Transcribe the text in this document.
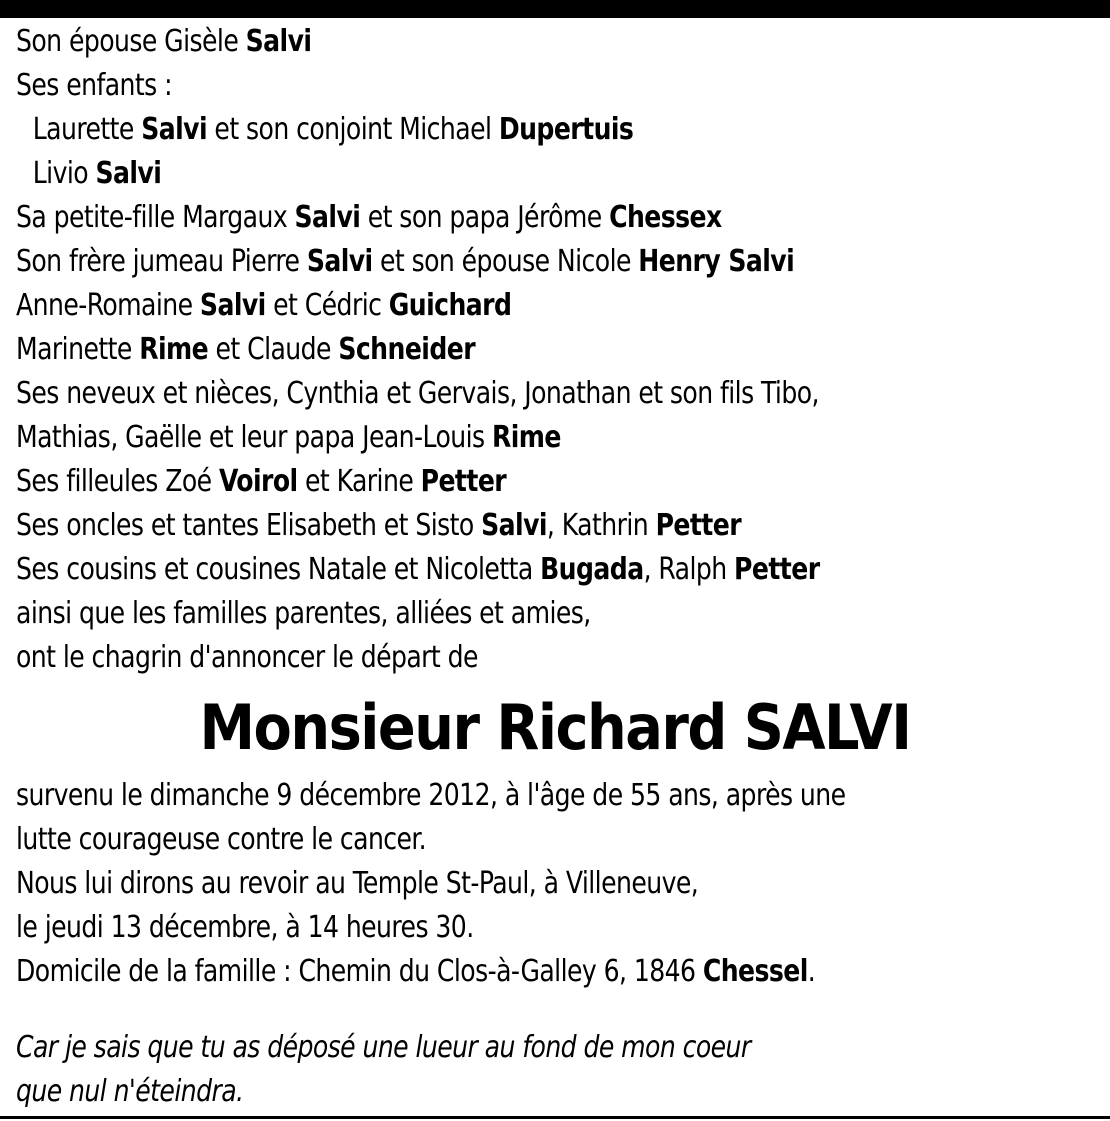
Son épouse Gisèle Salvi
Ses enfants :
Laurette Salvi et son conjoint Michael Dupertuis
Livio Salvi
Sa petite-fille Margaux Salvi et son papa Jérôme Chessex
Son frère jumeau Pierre Salvi et son épouse Nicole Henry Salvi
Anne-Romaine Salvi et Cédric Guichard
Marinette Rime et Claude Schneider
Ses neveux et nièces, Cynthia et Gervais, Jonathan et son fils Tibo,
Mathias, Gaëlle et leur papa Jean-Louis Rime
Ses filleules Zoé Voirol et Karine Petter
Ses oncles et tantes Elisabeth et Sisto Salvi, Kathrin Petter
Ses cousins et cousines Natale et Nicoletta Bugada, Ralph Petter
ainsi que les familles parentes, alliées et amies,
ont le chagrin d'annoncer le départ de
Monsieur Richard SALVI
survenu le dimanche 9 décembre 2012, à l'âge de 55 ans, après une
lutte courageuse contre le cancer.
Nous lui dirons au revoir au Temple St-Paul, à Villeneuve,
le jeudi 13 décembre, à 14 heures 30.
Domicile de la famille : Chemin du Clos-à-Galley 6, 1846 Chessel.
Car je sais que tu as déposé une lueur au fond de mon coeur
que nul n'éteindra.
